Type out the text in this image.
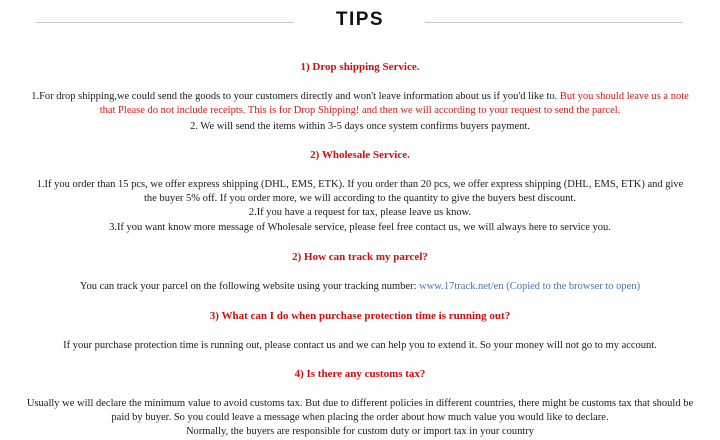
TIPS
1) Drop shipping Service.
1.For drop shipping,we could send the goods to your customers directly and won't leave information about us if you'd like to. But you should leave us a note
that Please do not include receipts. This is for Drop Shipping! and then we will according to your request to send the parcel.
2. We will send the items within 3-5 days once system confirms buyers payment.
2) Wholesale Service.
1.If you order than 15 pcs, we offer express shipping (DHL, EMS, ETK). If you order than 20 pcs, we offer express shipping (DHL, EMS, ETK) and give
the buyer 5% off. If you order more, we will according to the quantity to give the buyers best discount.
2.If you have a request for tax, please leave us know.
3.If you want know more message of Wholesale service, please feel free contact us, we will always here to service you.
2) How can track my parcel?
You can track your parcel on the following website using your tracking number: www.17track.net/en (Copied to the browser to open)
3) What can I do when purchase protection time is running out?
If your purchase protection time is running out, please contact us and we can help you to extend it. So your money will not go to my account.
4) Is there any customs tax?
Usually we will declare the minimum value to avoid customs tax. But due to different policies in different countries, there might be customs tax that should be
paid by buyer. So you could leave a message when placing the order about how much value you would like to declare.
Normally, the buyers are responsible for custom duty or import tax in your country
